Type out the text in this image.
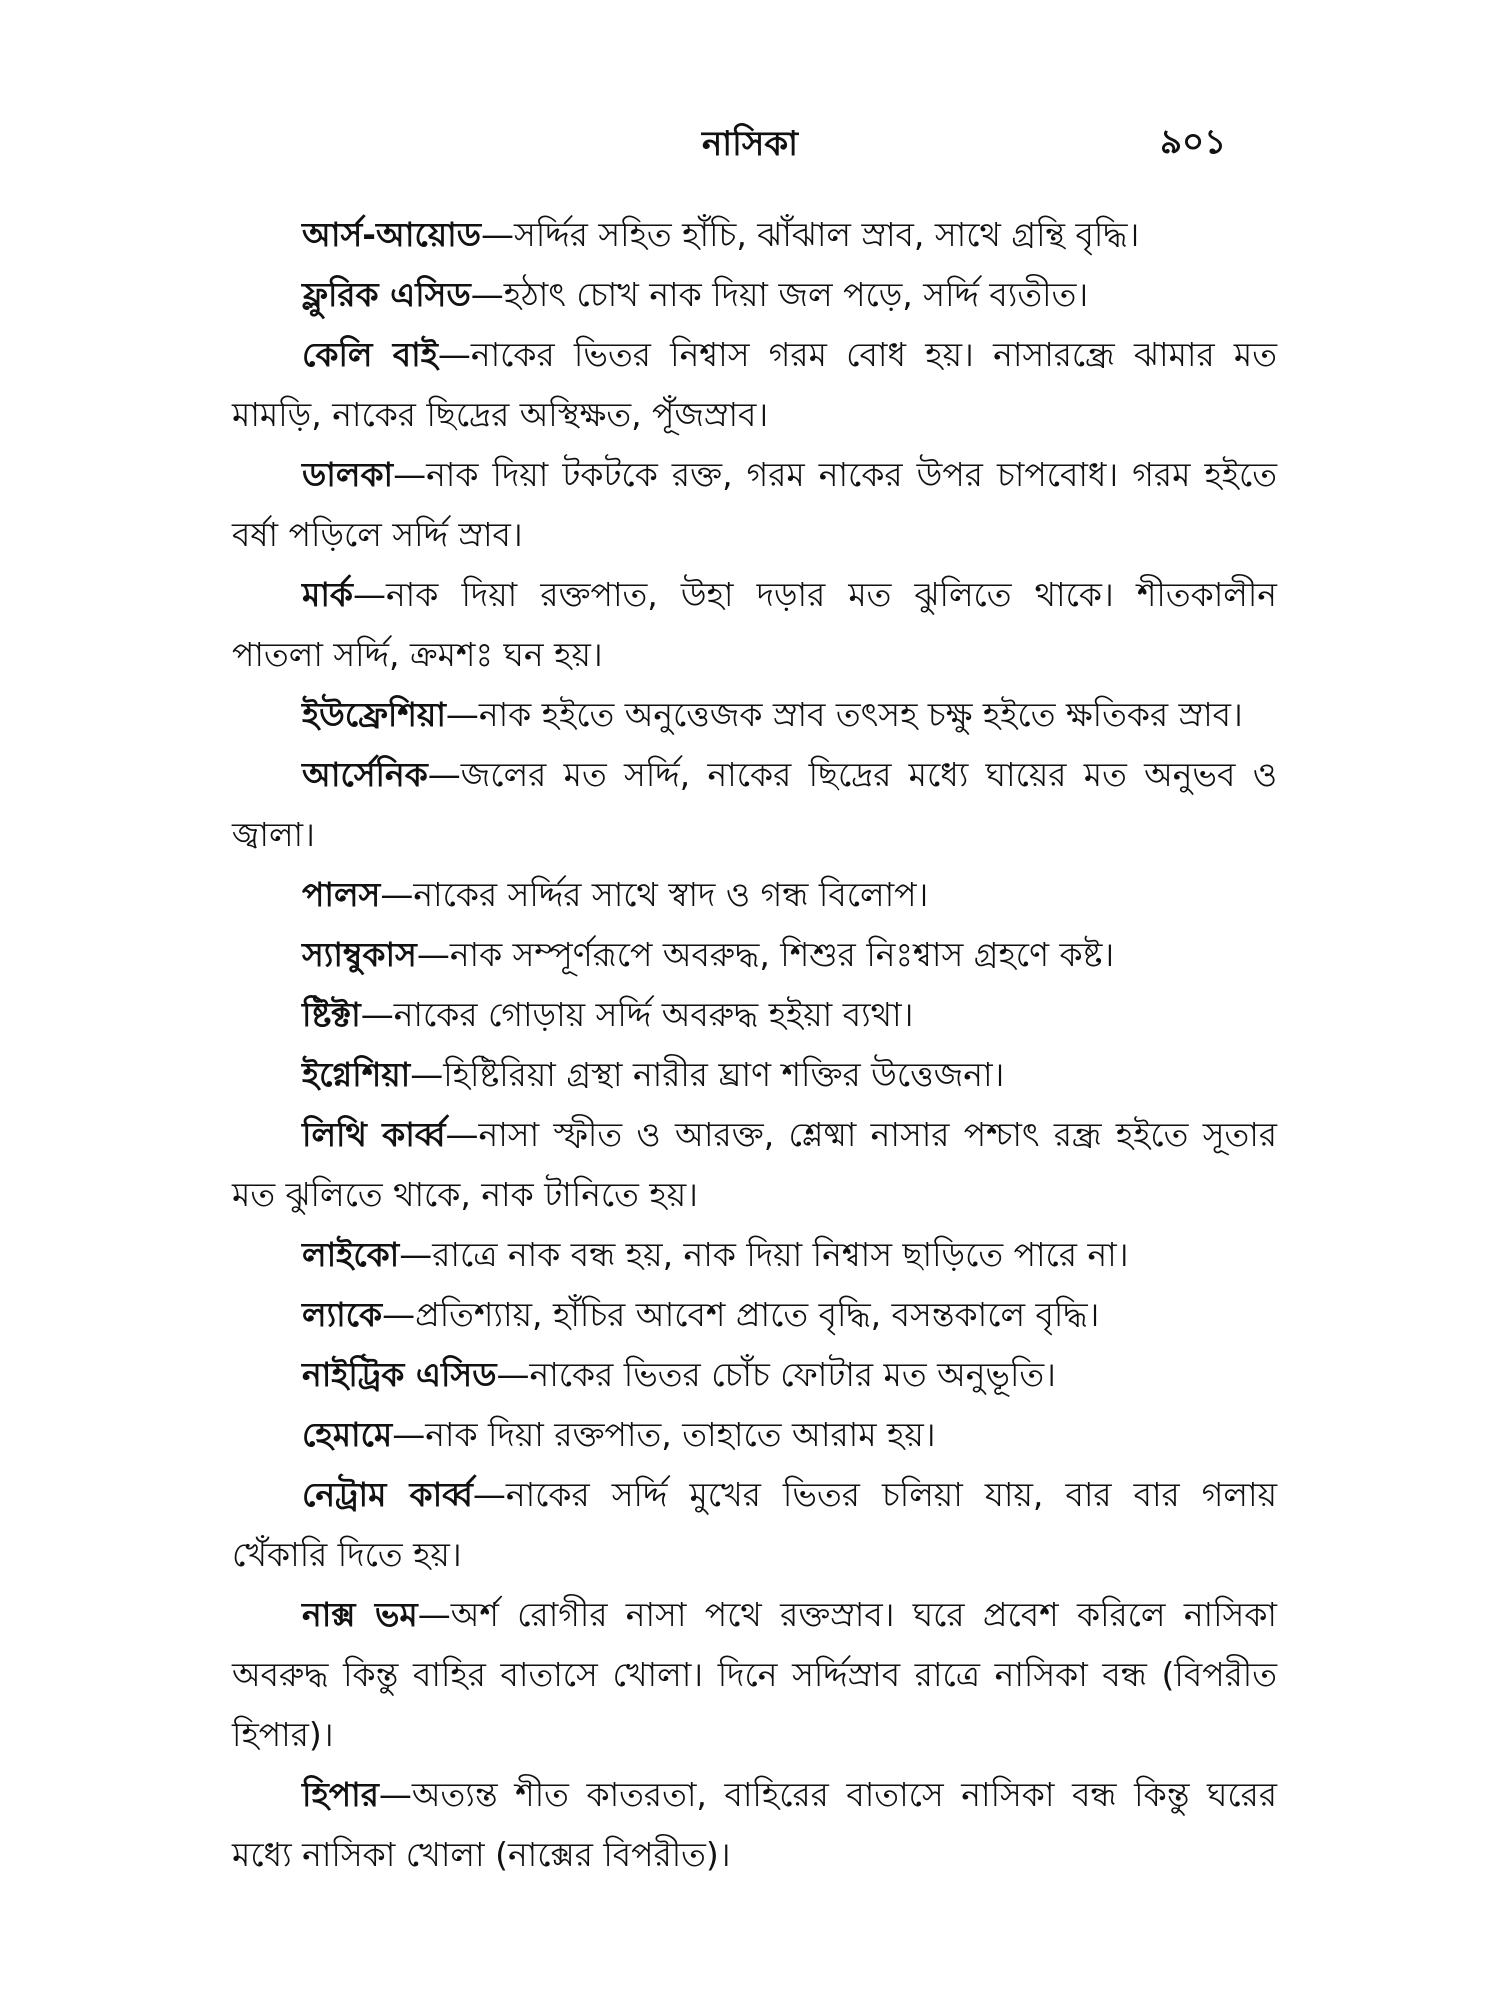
নাসিকা	৯০১

আর্স-আয়োড—সর্দ্দির সহিত হাঁচি, ঝাঁঝাল স্রাব, সাথে গ্রন্থি বৃদ্ধি।

ফ্লুরিক এসিড—হঠাৎ চোখ নাক দিয়া জল পড়ে, সর্দ্দি ব্যতীত।

কেলি বাই—নাকের ভিতর নিশ্বাস গরম বোধ হয়। নাসারন্ধ্রে ঝামার মত মামড়ি, নাকের ছিদ্রের অস্থিক্ষত, পূঁজস্রাব।

ডালকা—নাক দিয়া টকটকে রক্ত, গরম নাকের উপর চাপবোধ। গরম হইতে বর্ষা পড়িলে সর্দ্দি স্রাব।

মার্ক—নাক দিয়া রক্তপাত, উহা দড়ার মত ঝুলিতে থাকে। শীতকালীন পাতলা সর্দ্দি, ক্রমশঃ ঘন হয়।

ইউফ্রেশিয়া—নাক হইতে অনুত্তেজক স্রাব তৎসহ চক্ষু হইতে ক্ষতিকর স্রাব।

আর্সেনিক—জলের মত সর্দ্দি, নাকের ছিদ্রের মধ্যে ঘায়ের মত অনুভব ও জ্বালা।

পালস—নাকের সর্দ্দির সাথে স্বাদ ও গন্ধ বিলোপ।

স্যাম্বুকাস—নাক সম্পূর্ণরূপে অবরুদ্ধ, শিশুর নিঃশ্বাস গ্রহণে কষ্ট।

ষ্টিক্টা—নাকের গোড়ায় সর্দ্দি অবরুদ্ধ হইয়া ব্যথা।

ইগ্নেশিয়া—হিষ্টিরিয়া গ্রস্থা নারীর ঘ্রাণ শক্তির উত্তেজনা।

লিথি কার্ব্ব—নাসা স্ফীত ও আরক্ত, শ্লেষ্মা নাসার পশ্চাৎ রন্ধ্র হইতে সূতার মত ঝুলিতে থাকে, নাক টানিতে হয়।

লাইকো—রাত্রে নাক বন্ধ হয়, নাক দিয়া নিশ্বাস ছাড়িতে পারে না।

ল্যাকে—প্রতিশ্যায়, হাঁচির আবেশ প্রাতে বৃদ্ধি, বসন্তকালে বৃদ্ধি।

নাইট্রিক এসিড—নাকের ভিতর চোঁচ ফোটার মত অনুভূতি।

হেমামে—নাক দিয়া রক্তপাত, তাহাতে আরাম হয়।

নেট্রাম কার্ব্ব—নাকের সর্দ্দি মুখের ভিতর চলিয়া যায়, বার বার গলায় খেঁকারি দিতে হয়।

নাক্স ভম—অর্শ রোগীর নাসা পথে রক্তস্রাব। ঘরে প্রবেশ করিলে নাসিকা অবরুদ্ধ কিন্তু বাহির বাতাসে খোলা। দিনে সর্দ্দিস্রাব রাত্রে নাসিকা বন্ধ (বিপরীত হিপার)।

হিপার—অত্যন্ত শীত কাতরতা, বাহিরের বাতাসে নাসিকা বন্ধ কিন্তু ঘরের মধ্যে নাসিকা খোলা (নাক্সের বিপরীত)।
